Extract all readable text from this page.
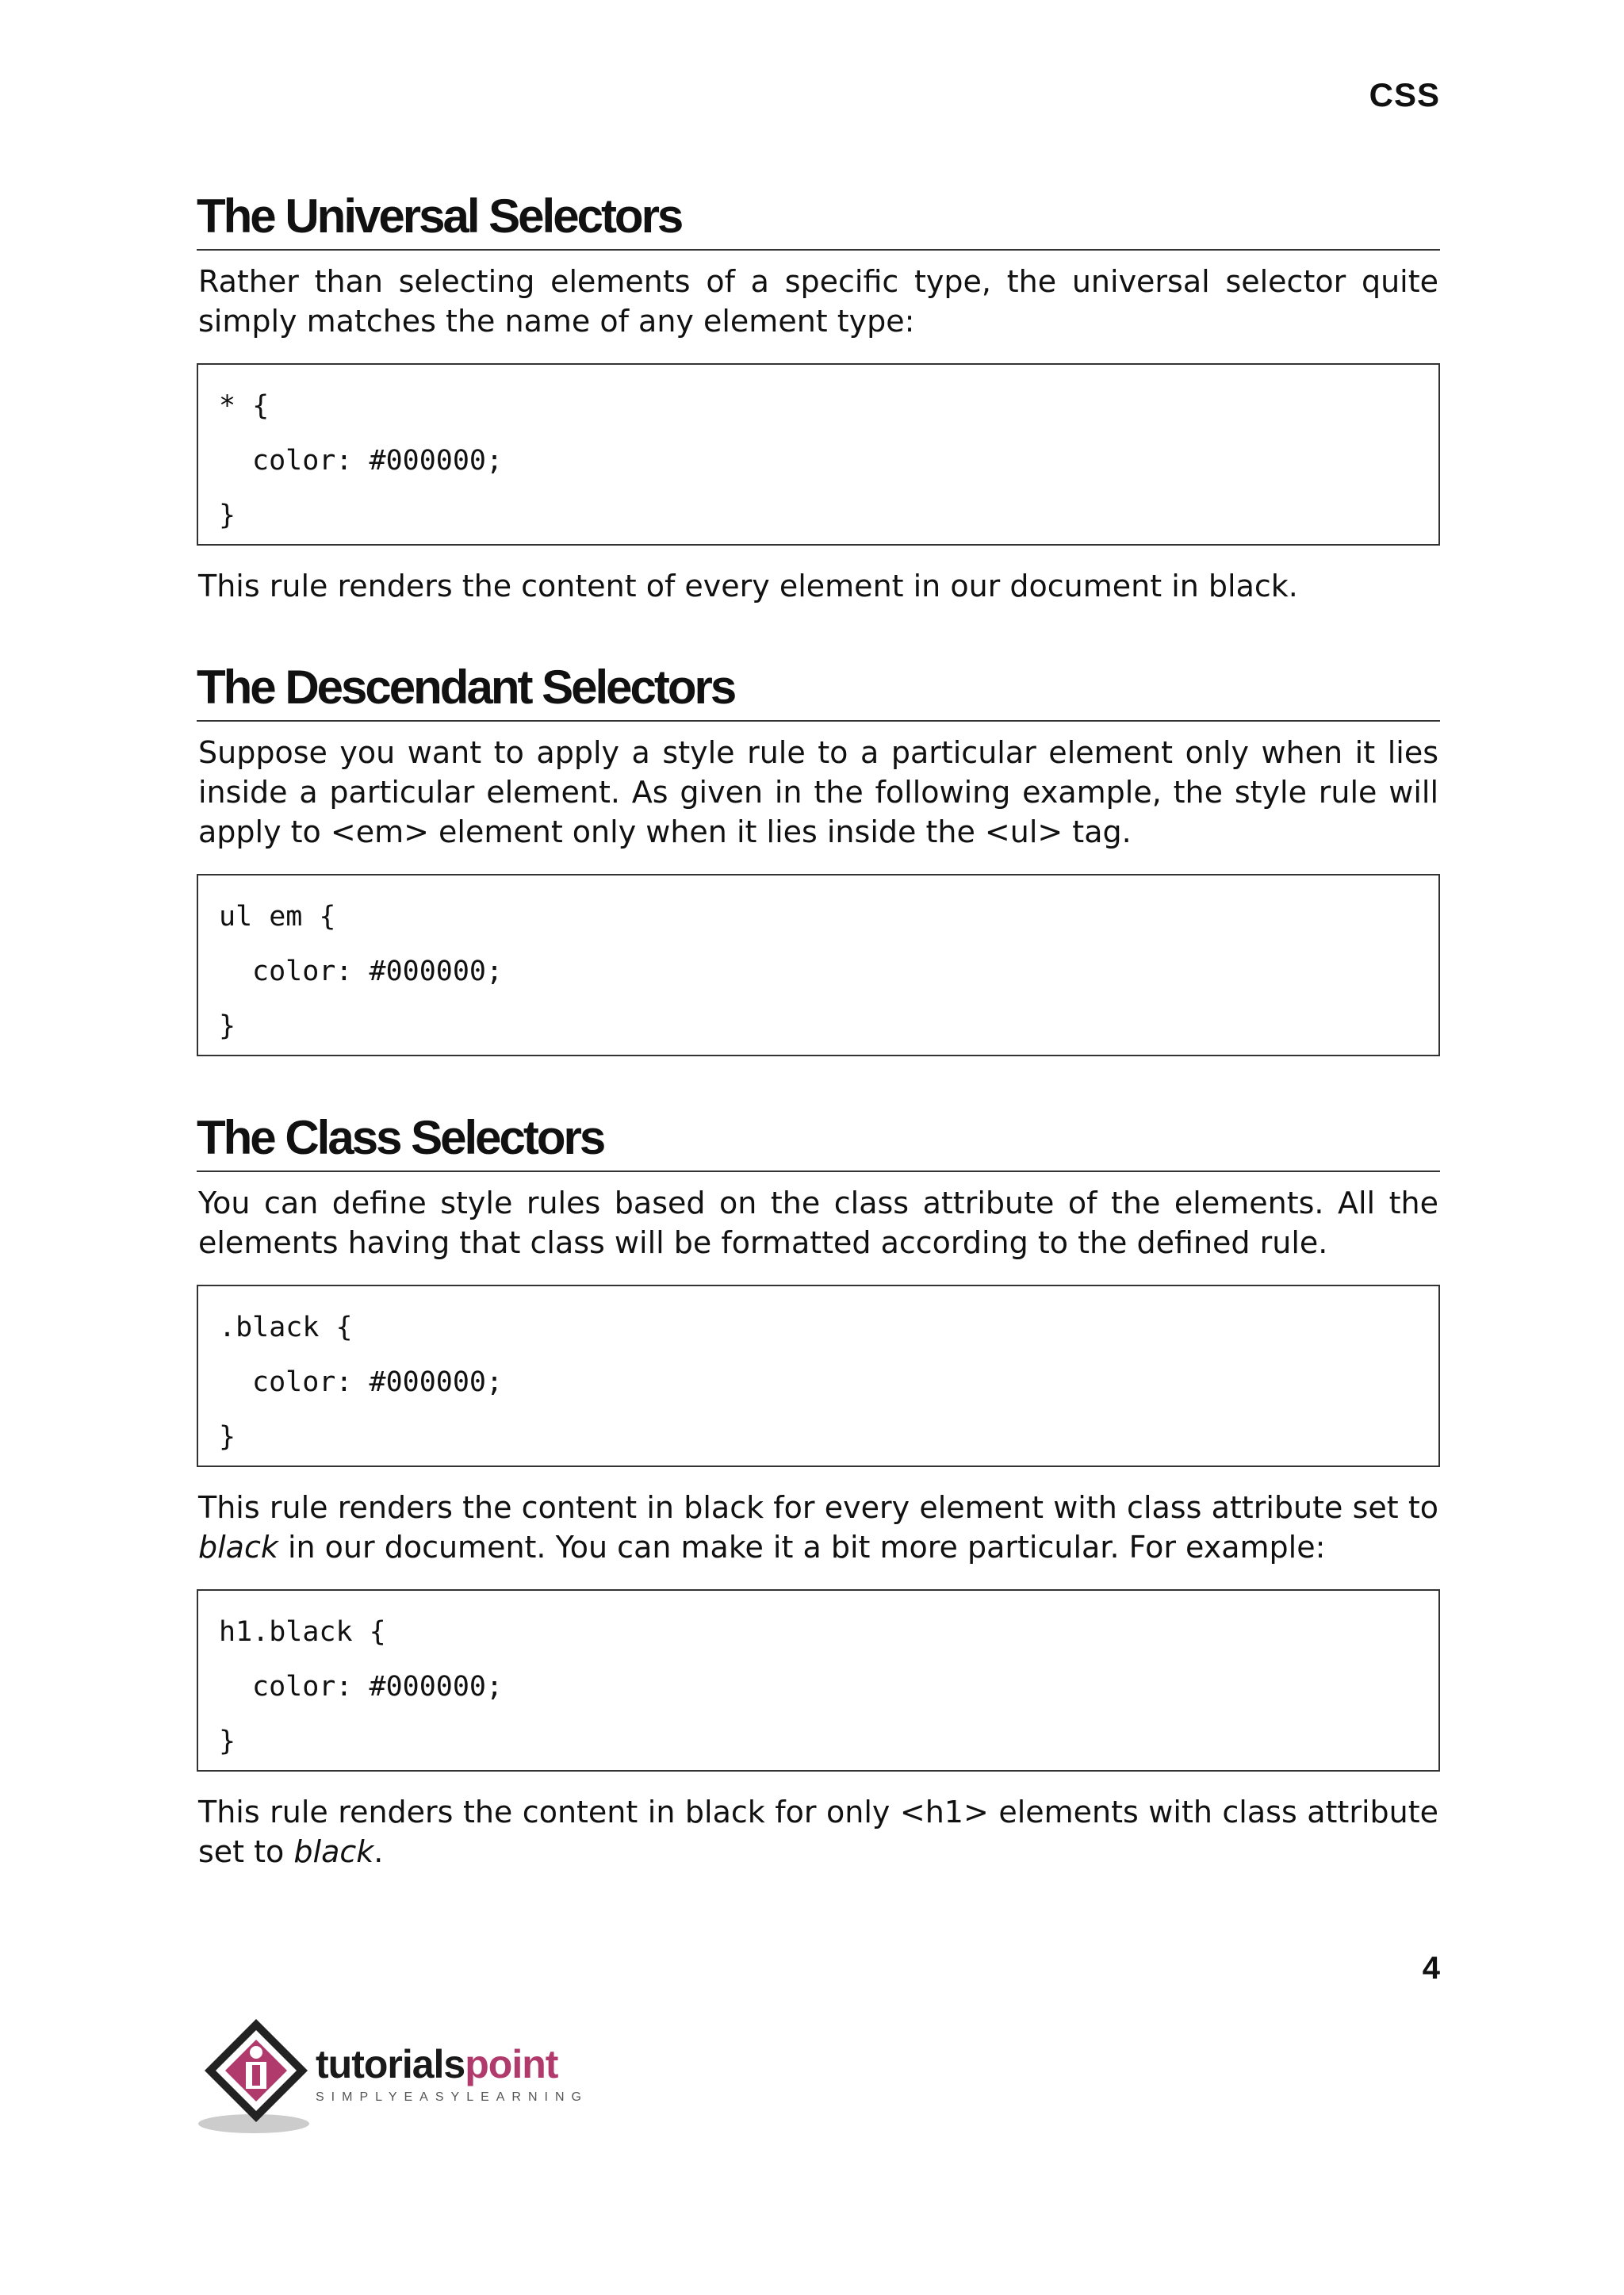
CSS
The Universal Selectors

Rather than selecting elements of a specific type, the universal selector quite simply matches the name of any element type:

* {
color: #000000;
}

This rule renders the content of every element in our document in black.

The Descendant Selectors

Suppose you want to apply a style rule to a particular element only when it lies inside a particular element. As given in the following example, the style rule will apply to <em> element only when it lies inside the <ul> tag.

ul em {
color: #000000;
}
The Class Selectors

You can define style rules based on the class attribute of the elements. All the elements having that class will be formatted according to the defined rule.

.black {
color: #000000;
}

This rule renders the content in black for every element with class attribute set to black in our document. You can make it a bit more particular. For example:

h1.black {
color: #000000;
}

This rule renders the content in black for only <h1> elements with class attribute set to black.

4
tutorialspoint
SIMPLYEASYLEARNING
